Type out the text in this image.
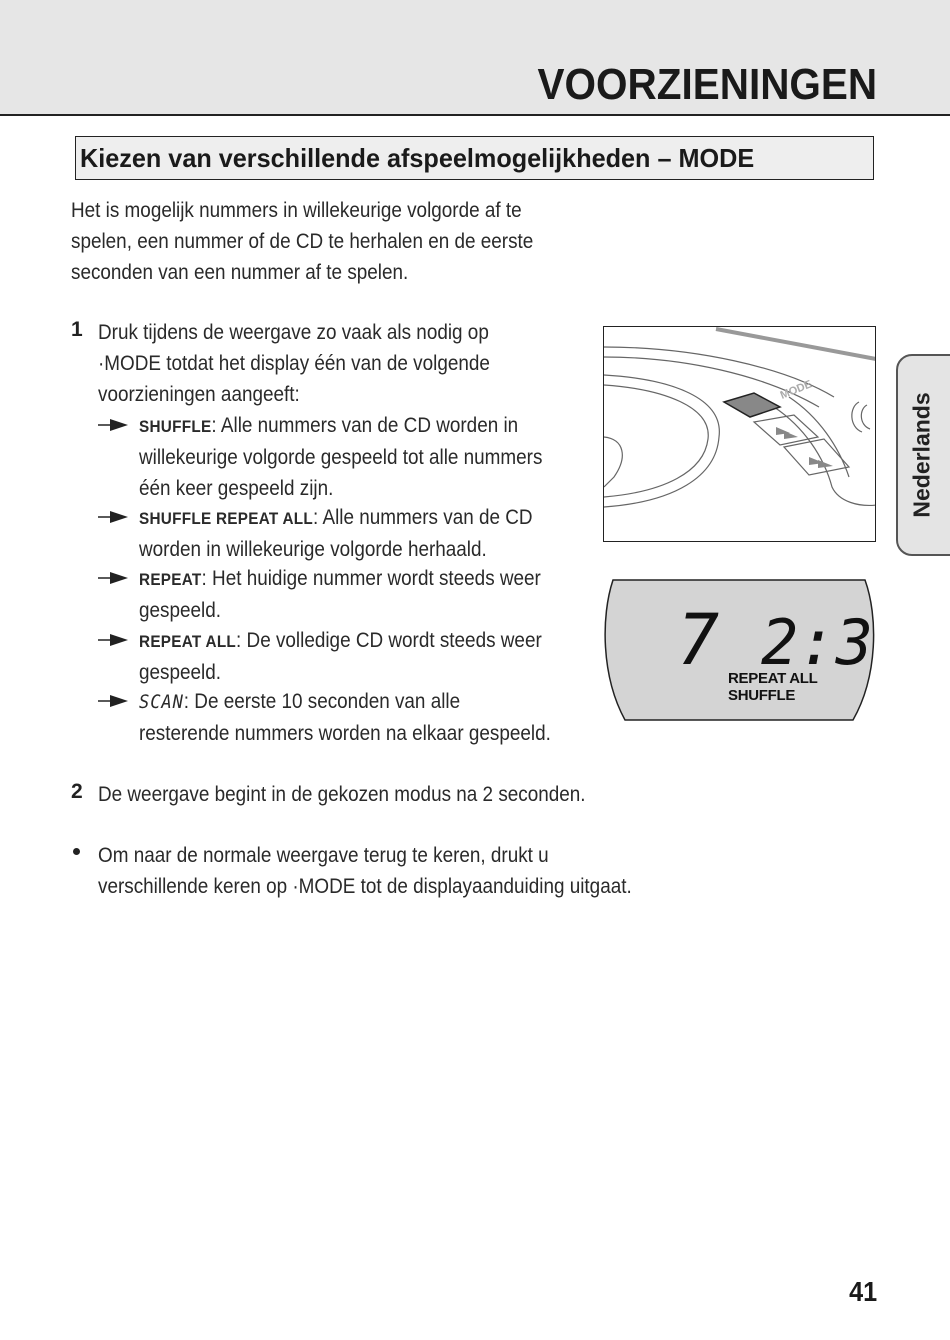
VOORZIENINGEN
Kiezen van verschillende afspeelmogelijkheden – MODE
Het is mogelijk nummers in willekeurige volgorde af te
spelen, een nummer of de CD te herhalen en de eerste
seconden van een nummer af te spelen.
1 Druk tijdens de weergave zo vaak als nodig op
·MODE totdat het display één van de volgende
voorzieningen aangeeft:
SHUFFLE: Alle nummers van de CD worden in
willekeurige volgorde gespeeld tot alle nummers
één keer gespeeld zijn.
SHUFFLE REPEAT ALL: Alle nummers van de CD
worden in willekeurige volgorde herhaald.
REPEAT: Het huidige nummer wordt steeds weer
gespeeld.
REPEAT ALL: De volledige CD wordt steeds weer
gespeeld.
SCAN: De eerste 10 seconden van alle
resterende nummers worden na elkaar gespeeld.
2 De weergave begint in de gekozen modus na 2 seconden.
Om naar de normale weergave terug te keren, drukt u
verschillende keren op ·MODE tot de displayaanduiding uitgaat.
MODE
7 2:3
REPEAT ALL
SHUFFLE
Nederlands
41
